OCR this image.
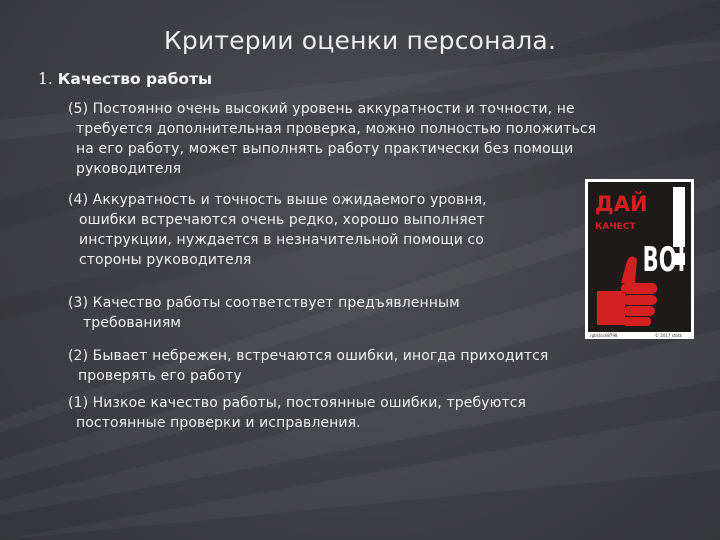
Критерии оценки персонала.
1. Качество работы
(5) Постоянно очень высокий уровень аккуратности и точности, не
требуется дополнительная проверка, можно полностью положиться
на его работу, может выполнять работу практически без помощи
руководителя
(4) Аккуратность и точность выше ожидаемого уровня,
ошибки встречаются очень редко, хорошо выполняет
инструкции, нуждается в незначительной помощи со
стороны руководителя
(3) Качество работы соответствует предъявленным
требованиям
(2) Бывает небрежен, встречаются ошибки, иногда приходится
проверять его работу
(1) Низкое качество работы, постоянные ошибки, требуются
постоянные проверки и исправления.
ДАЙ
КАЧЕСТ
ВО!
rgbstock8798	© 2017 stock
